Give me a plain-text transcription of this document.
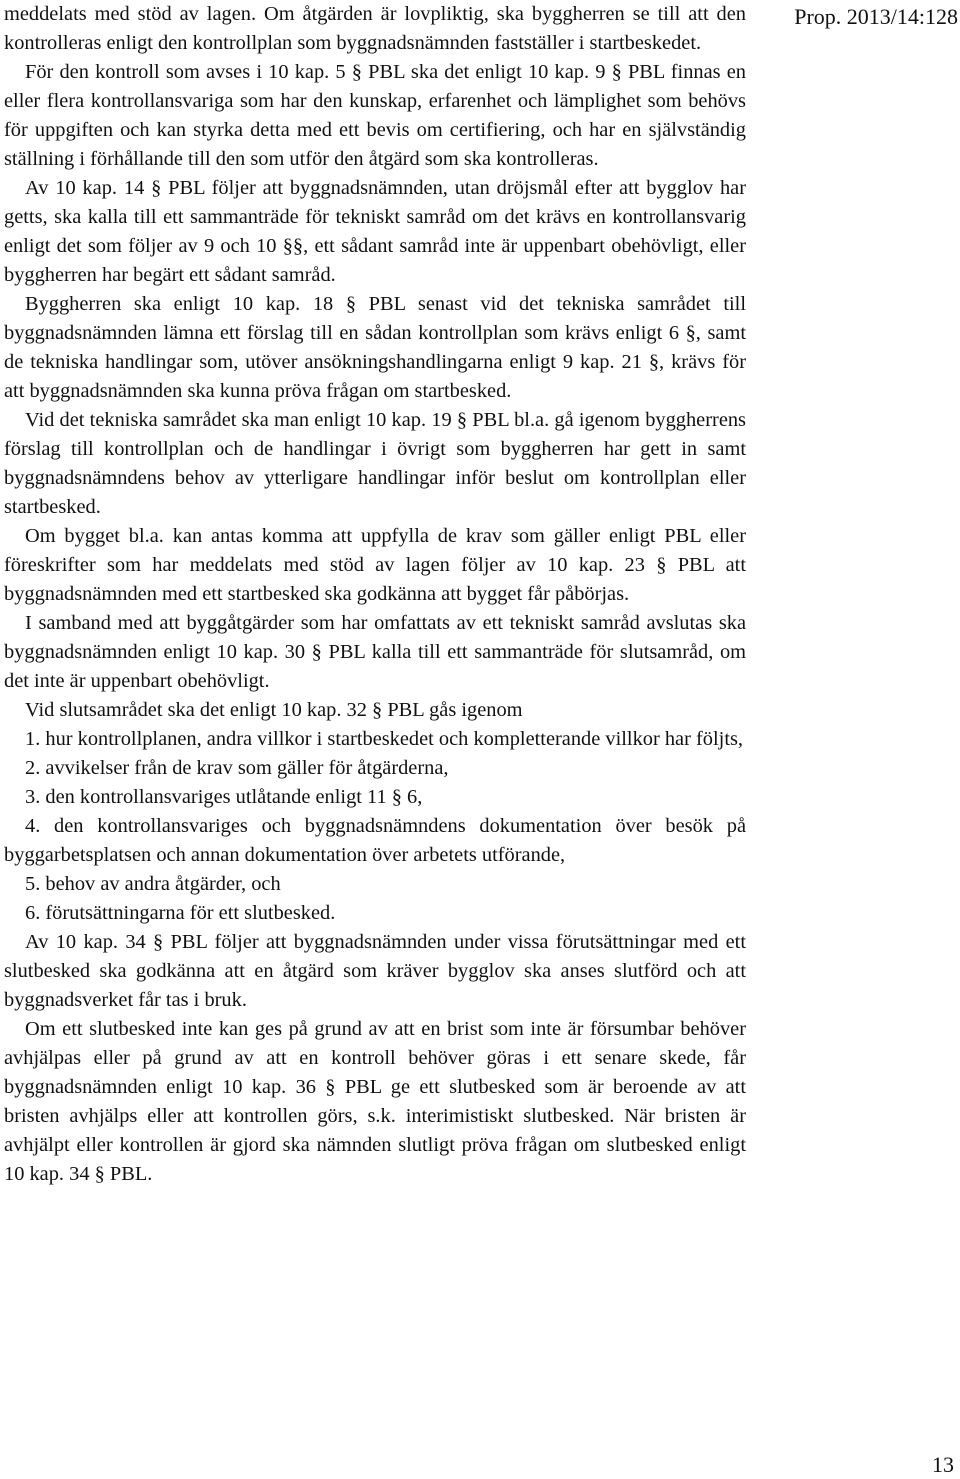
Prop. 2013/14:128

meddelats med stöd av lagen. Om åtgärden är lovpliktig, ska byggherren se till att den kontrolleras enligt den kontrollplan som byggnadsnämnden fastställer i startbeskedet.

För den kontroll som avses i 10 kap. 5 § PBL ska det enligt 10 kap. 9 § PBL finnas en eller flera kontrollansvariga som har den kunskap, erfarenhet och lämplighet som behövs för uppgiften och kan styrka detta med ett bevis om certifiering, och har en självständig ställning i förhållande till den som utför den åtgärd som ska kontrolleras.

Av 10 kap. 14 § PBL följer att byggnadsnämnden, utan dröjsmål efter att bygglov har getts, ska kalla till ett sammanträde för tekniskt samråd om det krävs en kontrollansvarig enligt det som följer av 9 och 10 §§, ett sådant samråd inte är uppenbart obehövligt, eller byggherren har begärt ett sådant samråd.

Byggherren ska enligt 10 kap. 18 § PBL senast vid det tekniska samrådet till byggnadsnämnden lämna ett förslag till en sådan kontrollplan som krävs enligt 6 §, samt de tekniska handlingar som, utöver ansökningshandlingarna enligt 9 kap. 21 §, krävs för att byggnadsnämnden ska kunna pröva frågan om startbesked.

Vid det tekniska samrådet ska man enligt 10 kap. 19 § PBL bl.a. gå igenom byggherrens förslag till kontrollplan och de handlingar i övrigt som byggherren har gett in samt byggnadsnämndens behov av ytterligare handlingar inför beslut om kontrollplan eller startbesked.

Om bygget bl.a. kan antas komma att uppfylla de krav som gäller enligt PBL eller föreskrifter som har meddelats med stöd av lagen följer av 10 kap. 23 § PBL att byggnadsnämnden med ett startbesked ska godkänna att bygget får påbörjas.

I samband med att byggåtgärder som har omfattats av ett tekniskt samråd avslutas ska byggnadsnämnden enligt 10 kap. 30 § PBL kalla till ett sammanträde för slutsamråd, om det inte är uppenbart obehövligt.

Vid slutsamrådet ska det enligt 10 kap. 32 § PBL gås igenom

1. hur kontrollplanen, andra villkor i startbeskedet och kompletterande villkor har följts,

2. avvikelser från de krav som gäller för åtgärderna,

3. den kontrollansvariges utlåtande enligt 11 § 6,

4. den kontrollansvariges och byggnadsnämndens dokumentation över besök på byggarbetsplatsen och annan dokumentation över arbetets utförande,

5. behov av andra åtgärder, och

6. förutsättningarna för ett slutbesked.

Av 10 kap. 34 § PBL följer att byggnadsnämnden under vissa förutsättningar med ett slutbesked ska godkänna att en åtgärd som kräver bygglov ska anses slutförd och att byggnadsverket får tas i bruk.

Om ett slutbesked inte kan ges på grund av att en brist som inte är försumbar behöver avhjälpas eller på grund av att en kontroll behöver göras i ett senare skede, får byggnadsnämnden enligt 10 kap. 36 § PBL ge ett slutbesked som är beroende av att bristen avhjälps eller att kontrollen görs, s.k. interimistiskt slutbesked. När bristen är avhjälpt eller kontrollen är gjord ska nämnden slutligt pröva frågan om slutbesked enligt 10 kap. 34 § PBL.

13
